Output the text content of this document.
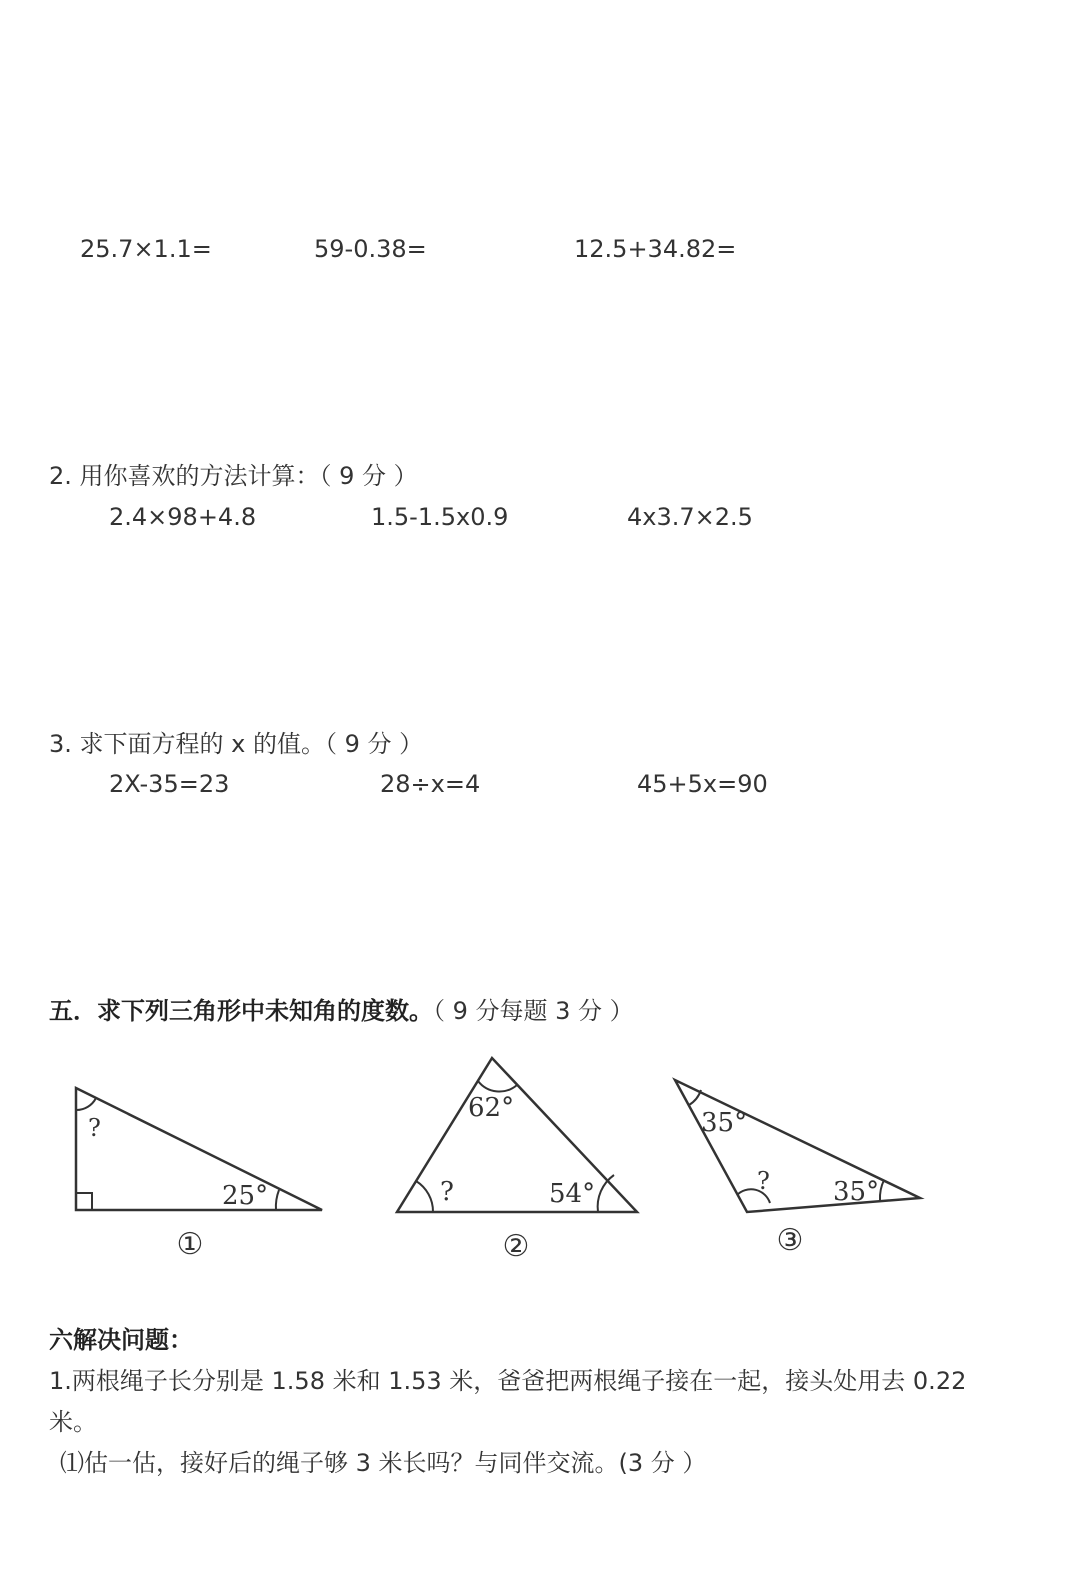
25.7×1.1=	59-0.38=	12.5+34.82=
2. 用你喜欢的方法计算：（ 9 分 ）
2.4×98+4.8	1.5-1.5x0.9	4x3.7×2.5
3. 求下面方程的 x 的值。（ 9 分 ）
2X-35=23	28÷x=4	45+5x=90
五．求下列三角形中未知角的度数。（ 9 分每题 3 分 ）
?
25°
①
62°
?	54°
②
35°
? 35°
③
六解决问题：
1.两根绳子长分别是 1.58 米和 1.53 米，爸爸把两根绳子接在一起，接头处用去 0.22
米。
⑴估一估，接好后的绳子够 3 米长吗？与同伴交流。(3 分 ）
